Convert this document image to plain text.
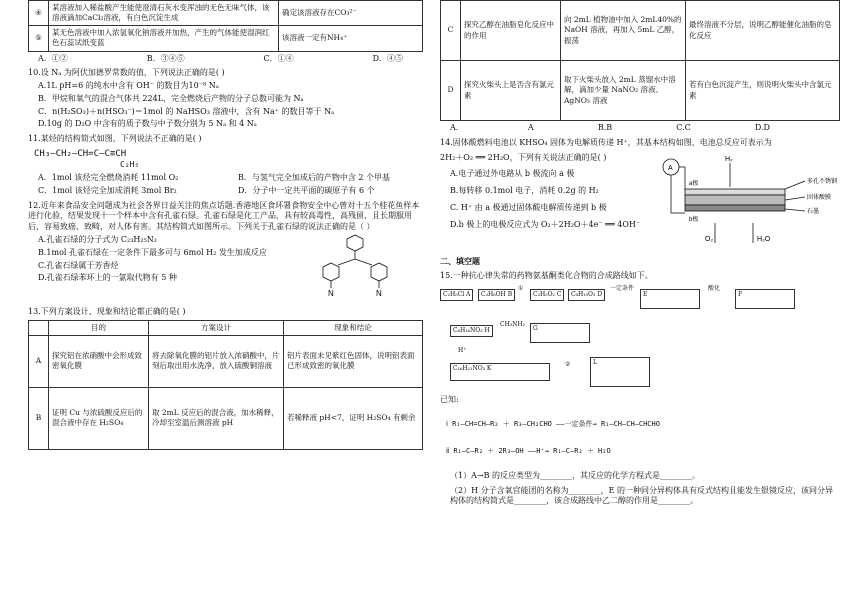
④	某溶液加入稀盐酸产生能使澄清石灰水变浑浊的无色无味气体，该溶液滴加CaCl₂溶液，有白色沉淀生成	确定该溶液存在CO₃²⁻
⑤	某无色溶液中加入浓氢氧化钠溶液并加热，产生的气体能使湿润红色石蕊试纸变蓝	该溶液一定有NH₄⁺
A．①②	B．③④⑤	C．①④	D．④⑤
10.设 Nₐ 为阿伏加德罗常数的值，下列说法正确的是( )
A.1L pH=6 的纯水中含有 OH⁻ 的数目为10⁻⁸ Nₐ
B．甲烷和氧气的混合气体共 224L，完全燃烧后产物的分子总数可能为 Nₐ
C．n(H₂SO₃)＋n(HSO₃⁻)＝1mol 的 NaHSO₃ 溶液中，含有 Na⁺ 的数目等于 Nₐ
D.10g 的 D₂O 中含有的质子数与中子数分别为 5 Nₐ 和 4 Nₐ
11.某烃的结构简式如图，下列说法不正确的是( )
CH₃—CH₂—CH=C—C≡CH
C₂H₅
A．1mol 该烃完全燃烧消耗 11mol O₂	B．与氢气完全加成后的产物中含 2 个甲基
C．1mol 该烃完全加成消耗 3mol Br₂	D．分子中一定共平面的碳原子有 6 个
12.近年来食品安全问题成为社会各界日益关注的焦点话题.香港地区食环署食物安全中心曾对十五个桂花鱼样本进行化验，结果发现十一个样本中含有孔雀石绿。孔雀石绿是化工产品，具有较高毒性，高残留，且长期服用后，容易致癌、致畸，对人体有害。其结构简式如图所示。下列关于孔雀石绿的说法正确的是（ ）
A.孔雀石绿的分子式为 C₂₃H₂₅N₂
B.1mol 孔雀石绿在一定条件下最多可与 6mol H₂ 发生加成反应
C.孔雀石绿属于芳香烃
D.孔雀石绿苯环上的一氯取代物有 5 种
N	N
13.下列方案设计、现象和结论都正确的是( )
	目的	方案设计	现象和结论
A	探究铝在浓硝酸中会形成致密氧化膜	将去除氧化膜的铝片放入浓硝酸中，片刻后取出用水洗净，放入硫酸铜溶液	铝片表面未见紫红色固体，说明铝表面已形成致密的氧化膜
B	证明 Cu 与浓硫酸反应后的混合液中存在 H₂SO₄	取 2mL 反应后的混合液，加水稀释，冷却至室温后测溶液 pH	若稀释液 pH<7，证明 H₂SO₄ 有剩余
C	探究乙醇在油脂皂化反应中的作用	向 2mL 植物油中加入 2mL40%的 NaOH 溶液，再加入 5mL 乙醇，振荡	最终溶液不分层，说明乙醇能催化油脂的皂化反应
D	探究火柴头上是否含有氯元素	取下火柴头放入 2mL 蒸馏水中溶解，滴加少量 NaNO₂ 溶液、AgNO₃ 溶液	若有白色沉淀产生，则说明火柴头中含氯元素
A．	A	B.B	C.C	D.D
14.固体酸燃料电池以 KHSO₄ 固体为电解质传递 H⁺，其基本结构如图，电池总反应可表示为
2H₂＋O₂ ══ 2H₂O，下列有关说法正确的是( )
A.电子通过外电路从 b 极流向 a 极
B.每转移 0.1mol 电子，消耗 0.2g 的 H₂
C. H⁺ 由 a 极通过固体酸电解质传递到 b 极
D.b 极上的电极反应式为 O₂＋2H₂O＋4e⁻ ══ 4OH⁻
A
a极
b极
H₂
O₂	H₂O
多孔不锈钢
固体酸膜
石墨
二、填空题
15.一种抗心律失常的药物氨基酮类化合物的合成路线如下。
C₂H₅Cl A	C₃H₈OH B
①
C₂H₅O₂ C	C₆H₁₀O₃ D
一定条件
E
酸化
F
C₆H₁₆NO₃ H
CH₃NH₂
G
H⁺
C₁₆H₂₁NO₃ K
②	L
已知:
ⅰ R₁—CH=CH—R₂ ＋ R₃—CH₂CHO ——一定条件→ R₁—CH—CH—CHCHO
ⅱ R₁—C—R₂ ＋ 2R₃—OH ——H⁺→ R₁—C—R₂ ＋ H₂O
（1）A→B 的反应类型为________，其反应的化学方程式是________。
（2）H 分子含氧官能团的名称为________，E 的一种同分异构体具有反式结构且能发生银镜反应，该同分异构体的结构简式是________，该合成路线中乙二醇的作用是________。
